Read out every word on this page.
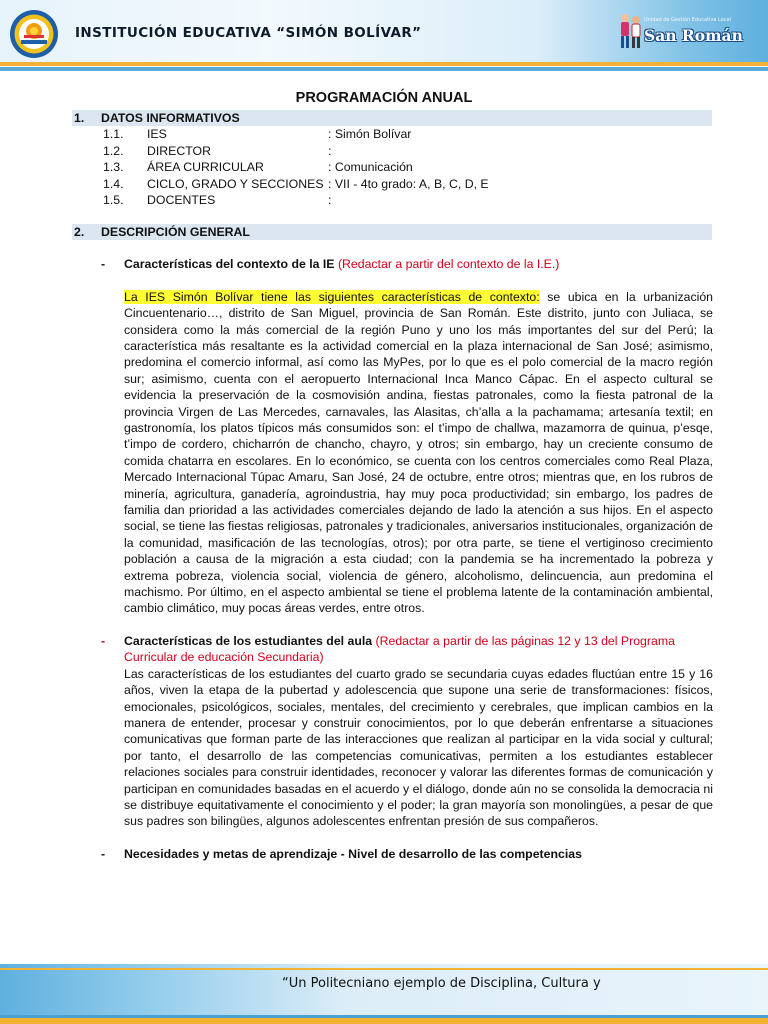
INSTITUCIÓN EDUCATIVA “SIMÓN BOLÍVAR”
Unidad de Gestión Educativa Local
San Román
PROGRAMACIÓN ANUAL
1. DATOS INFORMATIVOS
1.1. IES	: Simón Bolívar
1.2. DIRECTOR	:
1.3. ÁREA CURRICULAR	: Comunicación
1.4. CICLO, GRADO Y SECCIONES : VII - 4to grado: A, B, C, D, E
1.5. DOCENTES	:
2. DESCRIPCIÓN GENERAL
- Características del contexto de la IE (Redactar a partir del contexto de la I.E.)
La IES Simón Bolívar tiene las siguientes características de contexto: se ubica en la urbanización Cincuentenario…, distrito de San Miguel, provincia de San Román. Este distrito, junto con Juliaca, se considera como la más comercial de la región Puno y uno los más importantes del sur del Perú; la característica más resaltante es la actividad comercial en la plaza internacional de San José; asimismo, predomina el comercio informal, así como las MyPes, por lo que es el polo comercial de la macro región sur; asimismo, cuenta con el aeropuerto Internacional Inca Manco Cápac. En el aspecto cultural se evidencia la preservación de la cosmovisión andina, fiestas patronales, como la fiesta patronal de la provincia Virgen de Las Mercedes, carnavales, las Alasitas, ch’alla a la pachamama; artesanía textil; en gastronomía, los platos típicos más consumidos son: el t’impo de challwa, mazamorra de quinua, p’esqe, t’impo de cordero, chicharrón de chancho, chayro, y otros; sin embargo, hay un creciente consumo de comida chatarra en escolares. En lo económico, se cuenta con los centros comerciales como Real Plaza, Mercado Internacional Túpac Amaru, San José, 24 de octubre, entre otros; mientras que, en los rubros de minería, agricultura, ganadería, agroindustria, hay muy poca productividad; sin embargo, los padres de familia dan prioridad a las actividades comerciales dejando de lado la atención a sus hijos. En el aspecto social, se tiene las fiestas religiosas, patronales y tradicionales, aniversarios institucionales, organización de la comunidad, masificación de las tecnologías, otros); por otra parte, se tiene el vertiginoso crecimiento población a causa de la migración a esta ciudad; con la pandemia se ha incrementado la pobreza y extrema pobreza, violencia social, violencia de género, alcoholismo, delincuencia, aun predomina el machismo. Por último, en el aspecto ambiental se tiene el problema latente de la contaminación ambiental, cambio climático, muy pocas áreas verdes, entre otros.
- Características de los estudiantes del aula (Redactar a partir de las páginas 12 y 13 del Programa Curricular de educación Secundaria)
Las características de los estudiantes del cuarto grado se secundaria cuyas edades fluctúan entre 15 y 16 años, viven la etapa de la pubertad y adolescencia que supone una serie de transformaciones: físicos, emocionales, psicológicos, sociales, mentales, del crecimiento y cerebrales, que implican cambios en la manera de entender, procesar y construir conocimientos, por lo que deberán enfrentarse a situaciones comunicativas que forman parte de las interacciones que realizan al participar en la vida social y cultural; por tanto, el desarrollo de las competencias comunicativas, permiten a los estudiantes establecer relaciones sociales para construir identidades, reconocer y valorar las diferentes formas de comunicación y participan en comunidades basadas en el acuerdo y el diálogo, donde aún no se consolida la democracia ni se distribuye equitativamente el conocimiento y el poder; la gran mayoría son monolingües, a pesar de que sus padres son bilingües, algunos adolescentes enfrentan presión de sus compañeros.
- Necesidades y metas de aprendizaje - Nivel de desarrollo de las competencias
“Un Politecniano ejemplo de Disciplina, Cultura y
